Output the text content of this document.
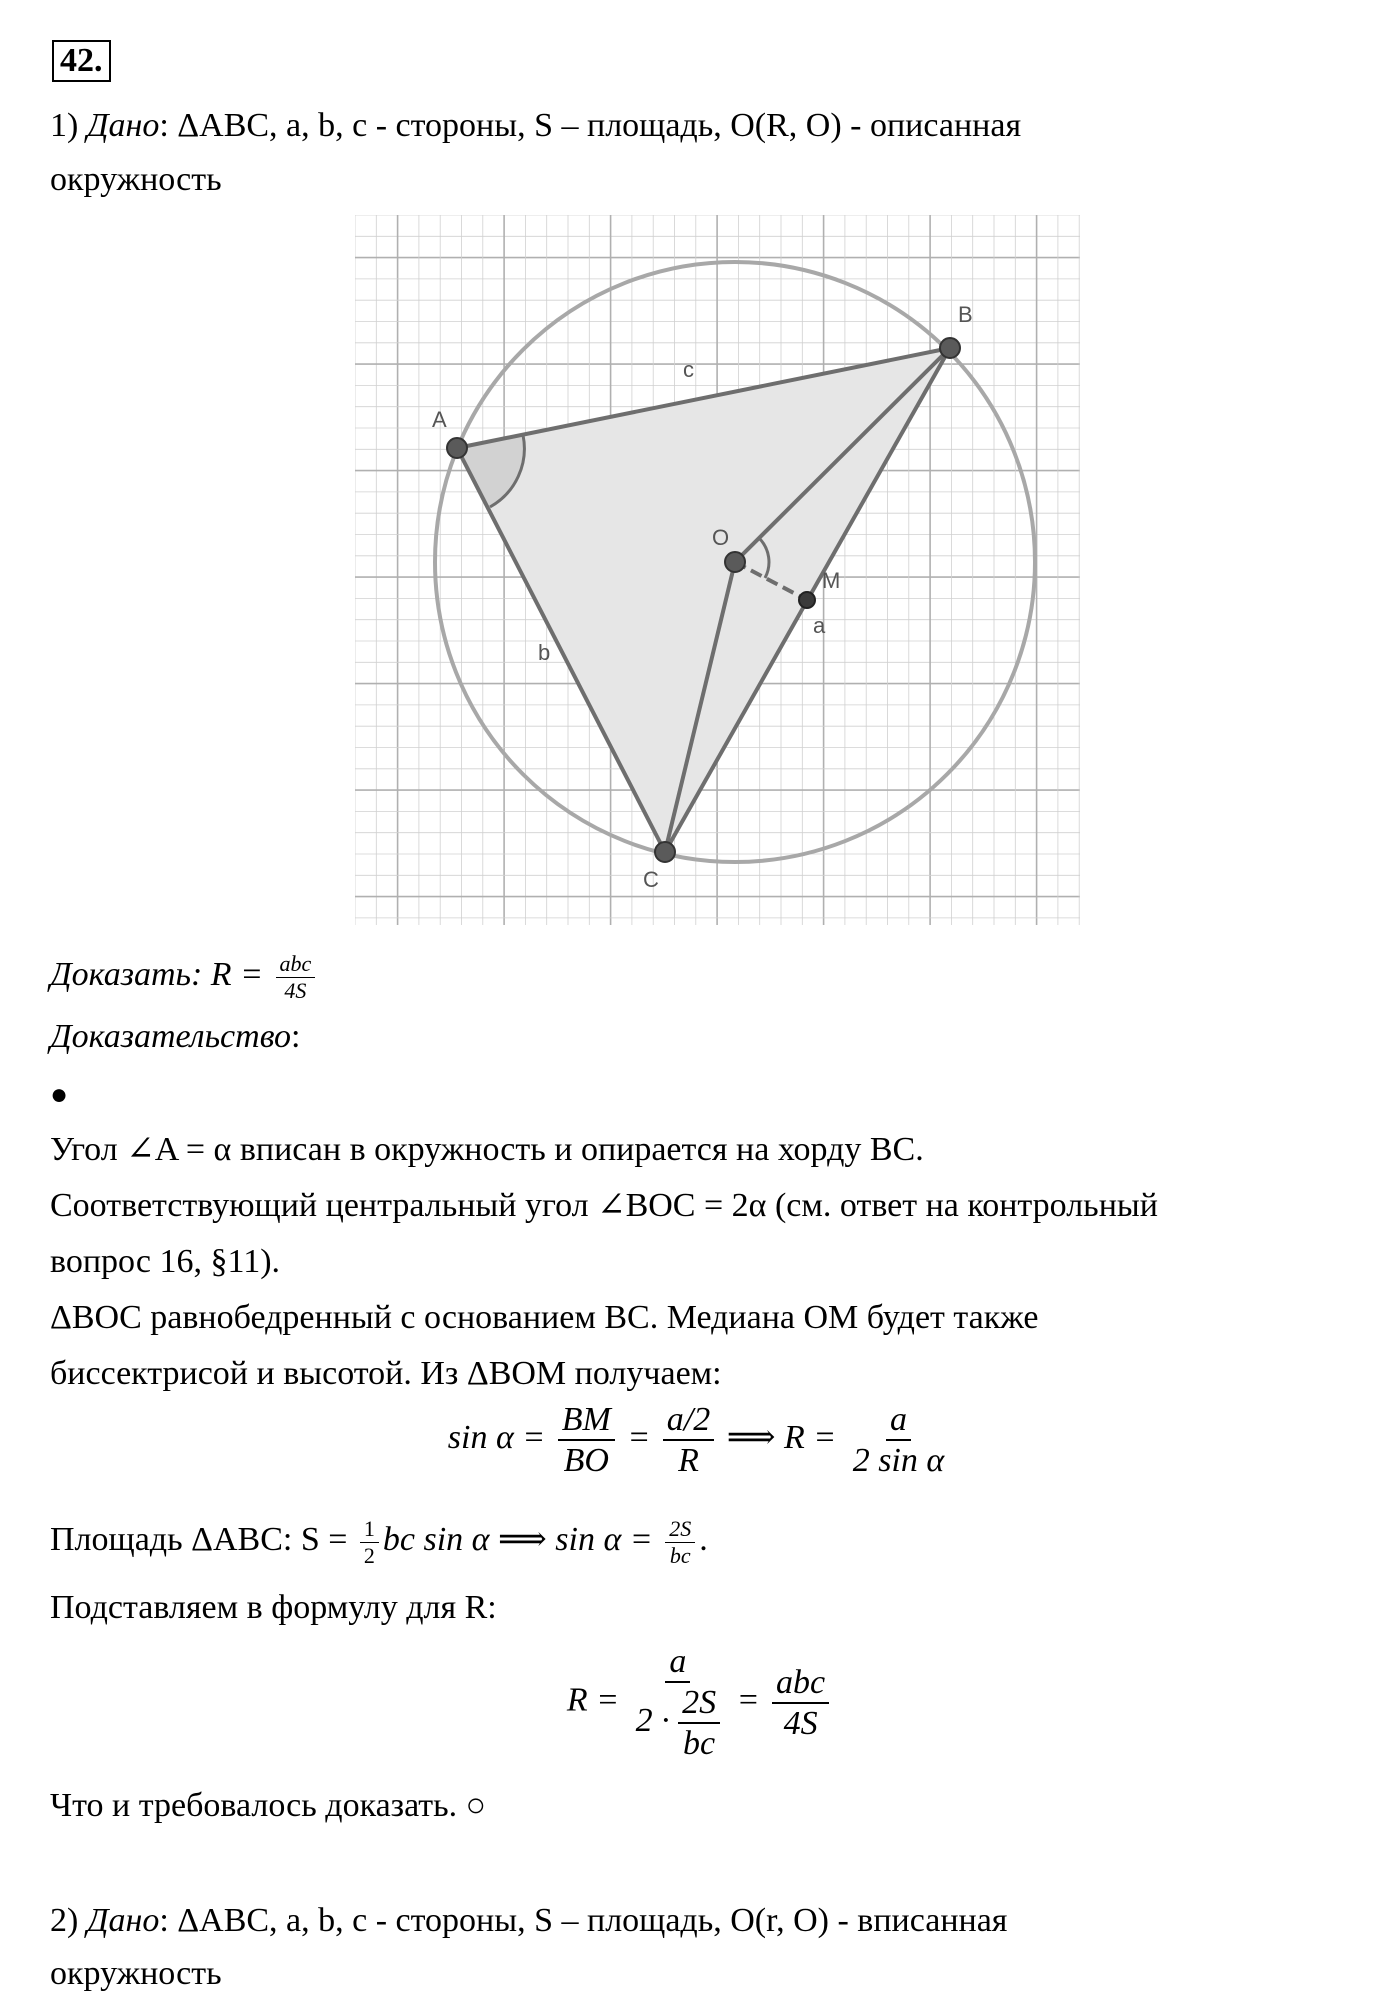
42.
1) Дано: ΔABC, a, b, c - стороны, S – площадь, O(R, O) - описанная
окружность
A
B
C
O
M
a
b
c
Доказать: $R = \frac{\text{abc}}{4S}$
Доказательство:
●
Угол ∠A = α вписан в окружность и опирается на хорду BC.
Соответствующий центральный угол ∠BOC = 2α (см. ответ на контрольный
вопрос 16, §11).
ΔBOC равнобедренный с основанием BC. Медиана OM будет также
биссектрисой и высотой. Из ΔBOM получаем:
$\sin \alpha = \frac{BM}{BO} = \frac{a/2}{R}$ ⟹ $R = \frac{a}{\text{2 sin α}}$
Площадь ΔABC: $S = \frac{1}{2}$ bc sin α ⟹ $\sin \alpha = \frac{2S}{bc}$ .
Подставляем в формулу для R:
$R = \frac{a}{2 \cdot \frac{2S}{bc}} = \frac{\text{abc}}{4S}$
Что и требовалось доказать. ○
2) Дано: ΔABC, a, b, c - стороны, S – площадь, O(r, O) - вписанная
окружность
